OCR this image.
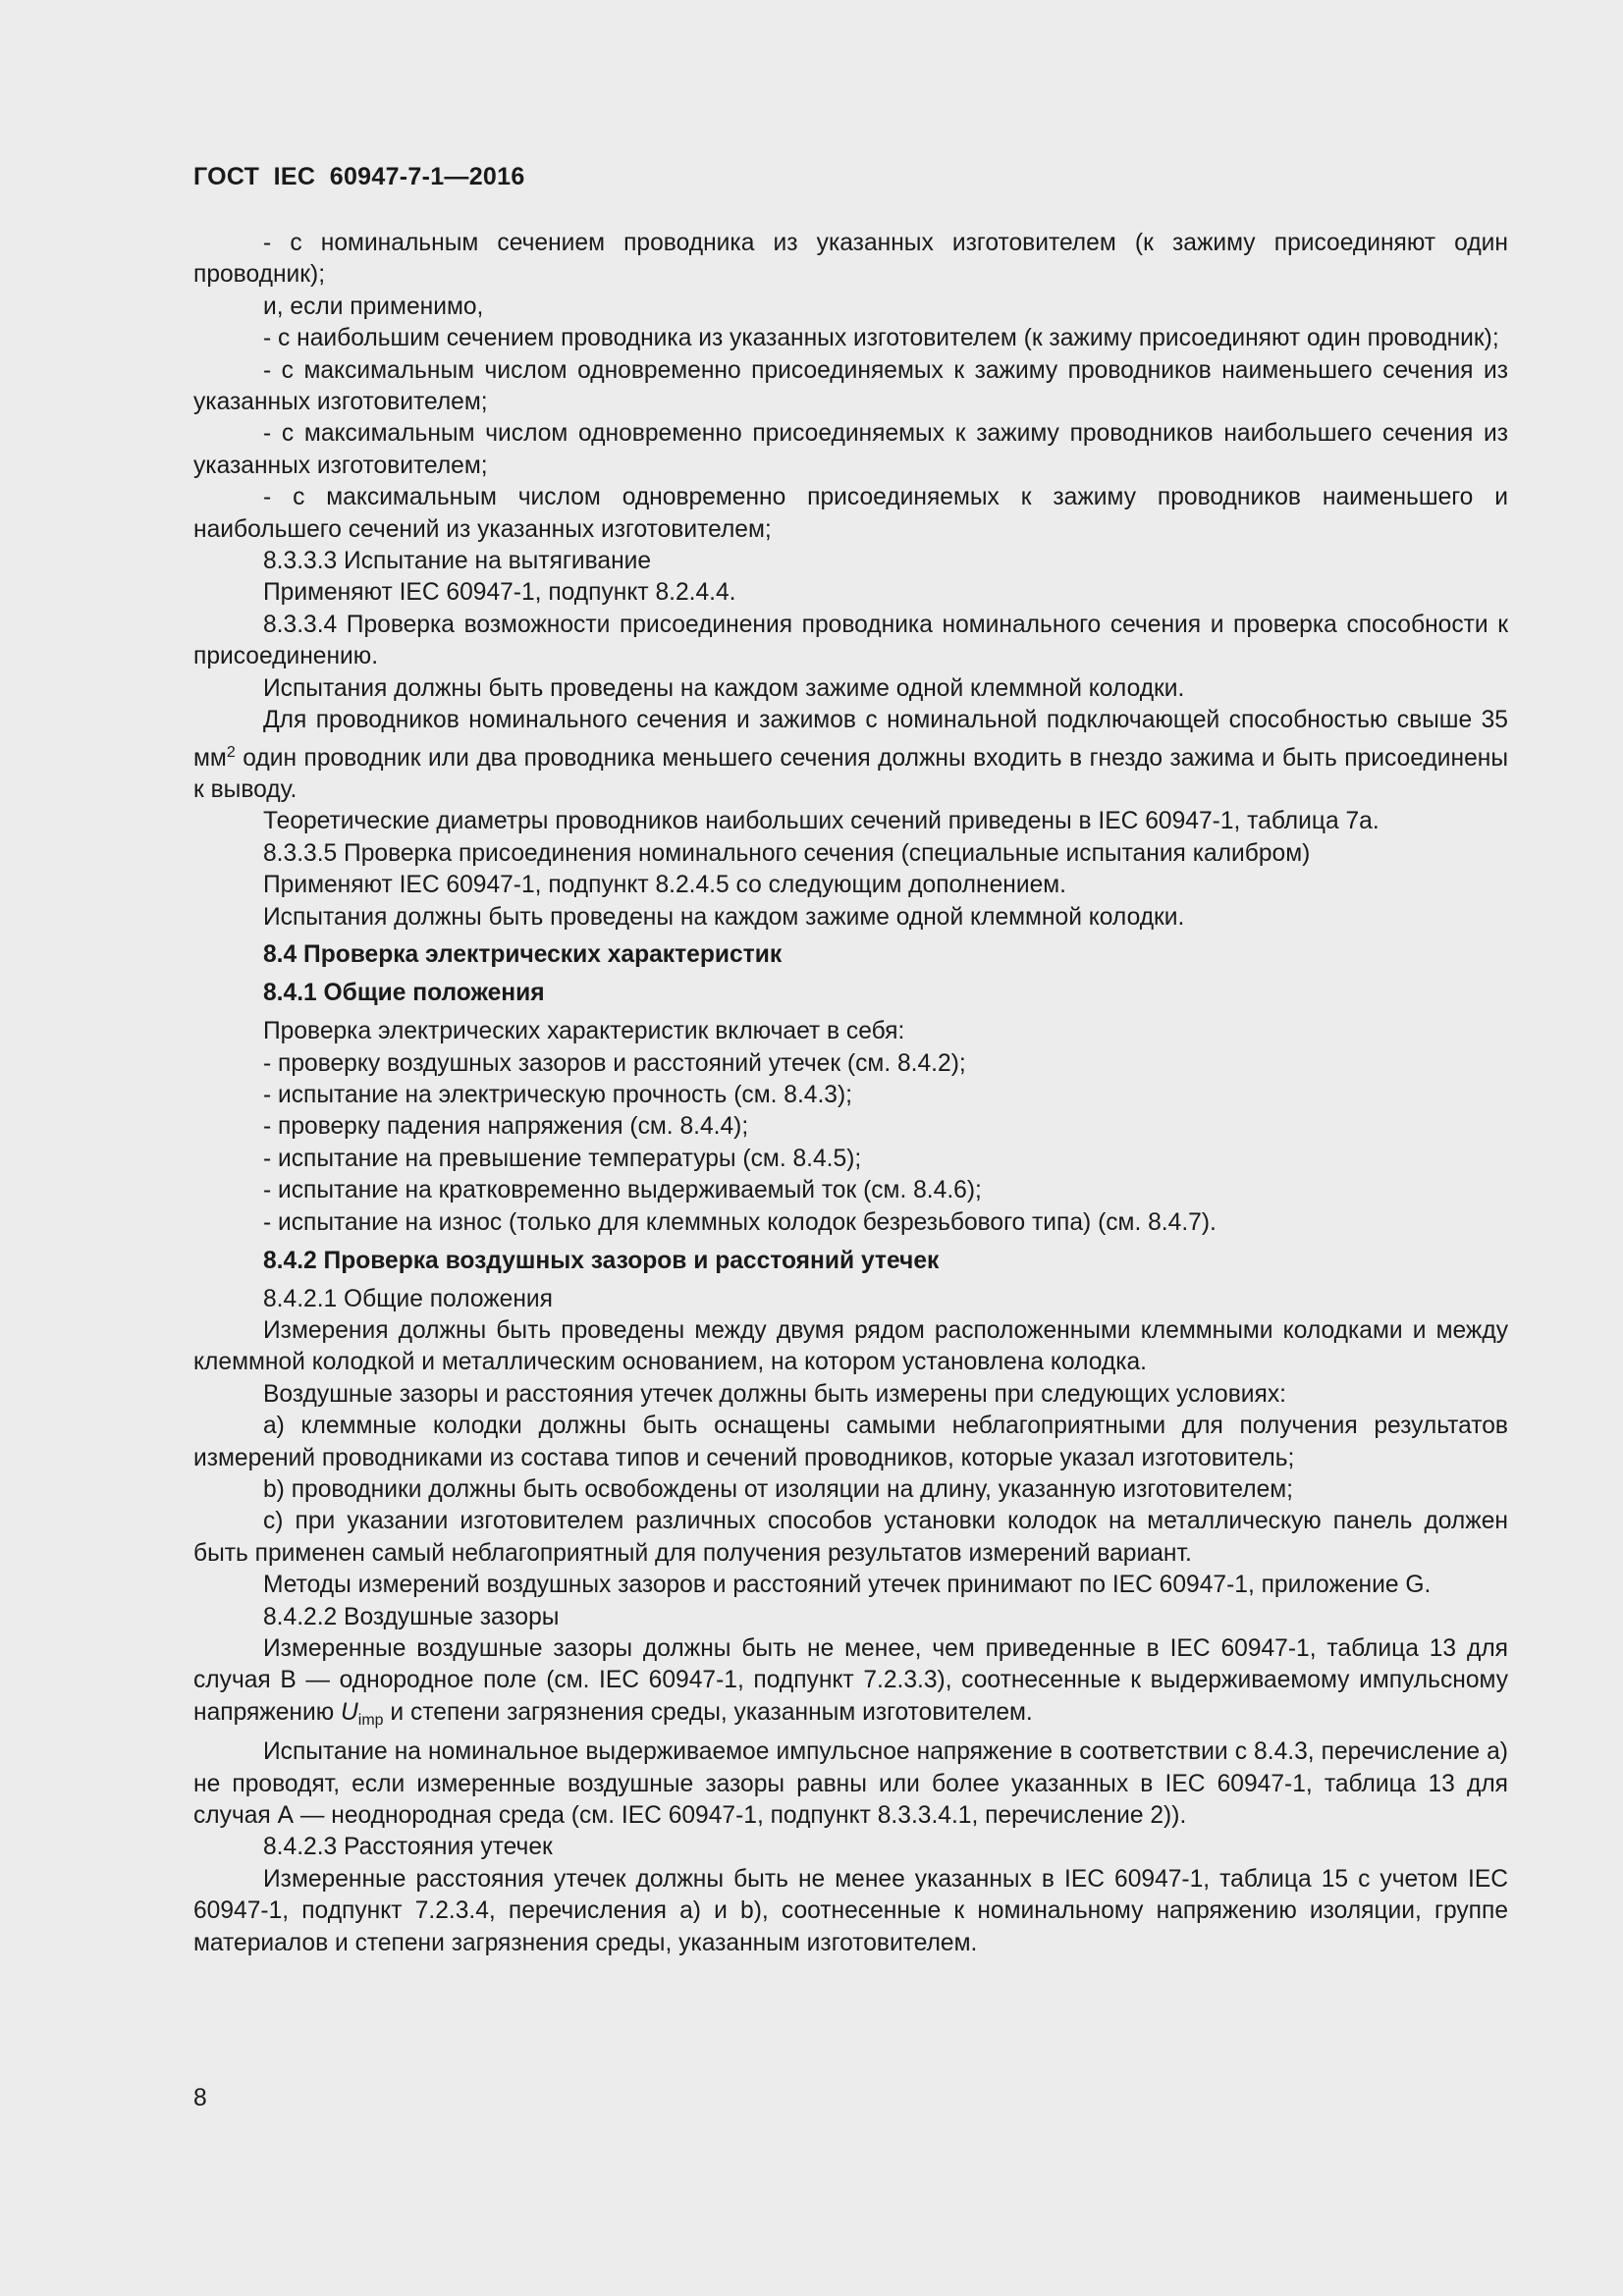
ГОСТ  IEC  60947-7-1—2016

- с номинальным сечением проводника из указанных изготовителем (к зажиму присоединяют один проводник);

и, если применимо,

- с наибольшим сечением проводника из указанных изготовителем (к зажиму присоединяют один проводник);

- с максимальным числом одновременно присоединяемых к зажиму проводников наименьшего сечения из указанных изготовителем;

- с максимальным числом одновременно присоединяемых к зажиму проводников наибольшего сечения из указанных изготовителем;

- с максимальным числом одновременно присоединяемых к зажиму проводников наименьшего и наибольшего сечений из указанных изготовителем;

8.3.3.3 Испытание на вытягивание

Применяют IEC 60947-1, подпункт 8.2.4.4.

8.3.3.4 Проверка возможности присоединения проводника номинального сечения и проверка способности к присоединению.

Испытания должны быть проведены на каждом зажиме одной клеммной колодки.

Для проводников номинального сечения и зажимов с номинальной подключающей способностью свыше 35 $мм^2$ один проводник или два проводника меньшего сечения должны входить в гнездо зажима и быть присоединены к выводу.

Теоретические диаметры проводников наибольших сечений приведены в IEC 60947-1, таблица 7а.

8.3.3.5 Проверка присоединения номинального сечения (специальные испытания калибром)

Применяют IEC 60947-1, подпункт 8.2.4.5 со следующим дополнением.

Испытания должны быть проведены на каждом зажиме одной клеммной колодки.

8.4 Проверка электрических характеристик

8.4.1 Общие положения

Проверка электрических характеристик включает в себя:

- проверку воздушных зазоров и расстояний утечек (см. 8.4.2);

- испытание на электрическую прочность (см. 8.4.3);

- проверку падения напряжения (см. 8.4.4);

- испытание на превышение температуры (см. 8.4.5);

- испытание на кратковременно выдерживаемый ток (см. 8.4.6);

- испытание на износ (только для клеммных колодок безрезьбового типа) (см. 8.4.7).

8.4.2 Проверка воздушных зазоров и расстояний утечек

8.4.2.1 Общие положения

Измерения должны быть проведены между двумя рядом расположенными клеммными колодками и между клеммной колодкой и металлическим основанием, на котором установлена колодка.

Воздушные зазоры и расстояния утечек должны быть измерены при следующих условиях:

a) клеммные колодки должны быть оснащены самыми неблагоприятными для получения результатов измерений проводниками из состава типов и сечений проводников, которые указал изготовитель;

b) проводники должны быть освобождены от изоляции на длину, указанную изготовителем;

c) при указании изготовителем различных способов установки колодок на металлическую панель должен быть применен самый неблагоприятный для получения результатов измерений вариант.

Методы измерений воздушных зазоров и расстояний утечек принимают по IEC 60947-1, приложение G.

8.4.2.2 Воздушные зазоры

Измеренные воздушные зазоры должны быть не менее, чем приведенные в IEC 60947-1, таблица 13 для случая В — однородное поле (см. IEC 60947-1, подпункт 7.2.3.3), соотнесенные к выдерживаемому импульсному напряжению $U_{imp}$ и степени загрязнения среды, указанным изготовителем.

Испытание на номинальное выдерживаемое импульсное напряжение в соответствии с 8.4.3, перечисление а) не проводят, если измеренные воздушные зазоры равны или более указанных в IEC 60947-1, таблица 13 для случая А — неоднородная среда (см. IEC 60947-1, подпункт 8.3.3.4.1, перечисление 2)).

8.4.2.3 Расстояния утечек

Измеренные расстояния утечек должны быть не менее указанных в IEC 60947-1, таблица 15 с учетом IEC 60947-1, подпункт 7.2.3.4, перечисления а) и b), соотнесенные к номинальному напряжению изоляции, группе материалов и степени загрязнения среды, указанным изготовителем.

8
